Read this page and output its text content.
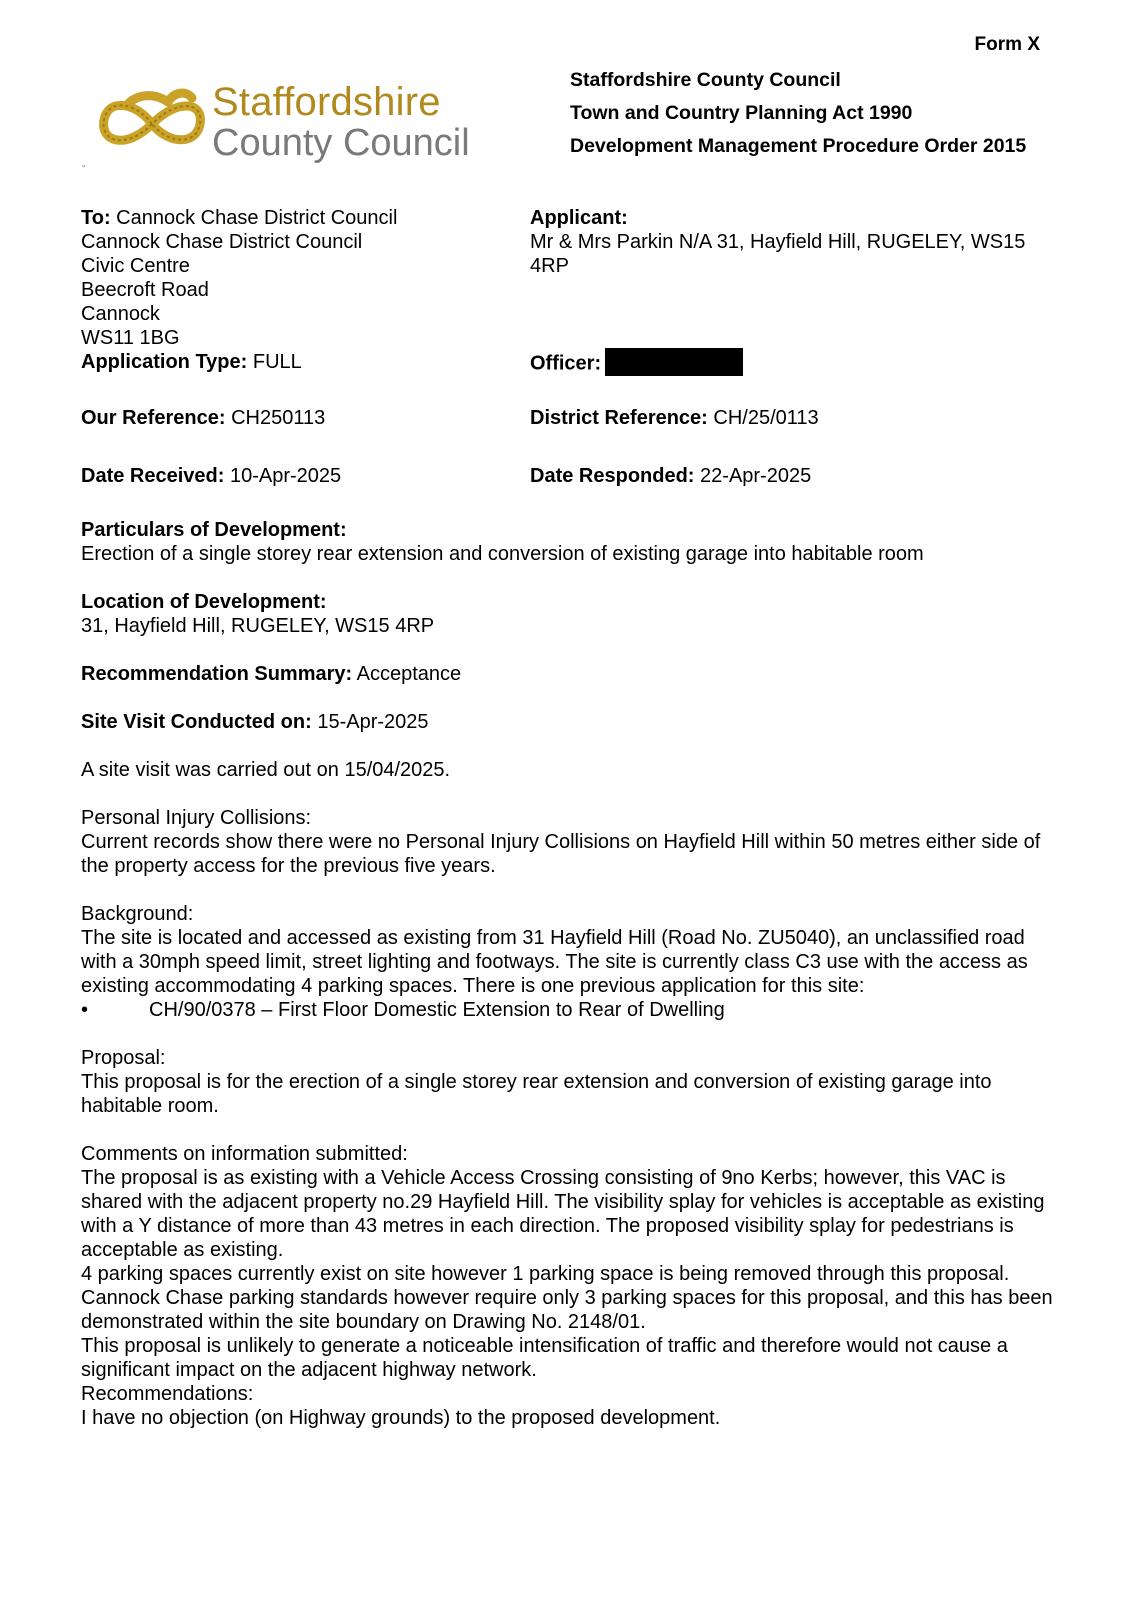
Form X
Staffordshire
County Council
"
Staffordshire County Council
Town and Country Planning Act 1990
Development Management Procedure Order 2015
To: Cannock Chase District Council
Cannock Chase District Council
Civic Centre
Beecroft Road
Cannock
WS11 1BG
Application Type: FULL
Applicant:
Mr & Mrs Parkin N/A 31, Hayfield Hill, RUGELEY, WS15
4RP
Officer:
Our Reference: CH250113	District Reference: CH/25/0113
Date Received: 10-Apr-2025	Date Responded: 22-Apr-2025

Particulars of Development:

Erection of a single storey rear extension and conversion of existing garage into habitable room

Location of Development:

31, Hayfield Hill, RUGELEY, WS15 4RP

Recommendation Summary: Acceptance
Site Visit Conducted on: 15-Apr-2025
A site visit was carried out on 15/04/2025.

Personal Injury Collisions:

Current records show there were no Personal Injury Collisions on Hayfield Hill within 50 metres either side of the property access for the previous five years.

Background:

The site is located and accessed as existing from 31 Hayfield Hill (Road No. ZU5040), an unclassified road with a 30mph speed limit, street lighting and footways. The site is currently class C3 use with the access as existing accommodating 4 parking spaces. There is one previous application for this site:

•	CH/90/0378 – First Floor Domestic Extension to Rear of Dwelling

Proposal:

This proposal is for the erection of a single storey rear extension and conversion of existing garage into habitable room.

Comments on information submitted:

The proposal is as existing with a Vehicle Access Crossing consisting of 9no Kerbs; however, this VAC is shared with the adjacent property no.29 Hayfield Hill. The visibility splay for vehicles is acceptable as existing with a Y distance of more than 43 metres in each direction. The proposed visibility splay for pedestrians is acceptable as existing.

4 parking spaces currently exist on site however 1 parking space is being removed through this proposal. Cannock Chase parking standards however require only 3 parking spaces for this proposal, and this has been demonstrated within the site boundary on Drawing No. 2148/01.

This proposal is unlikely to generate a noticeable intensification of traffic and therefore would not cause a significant impact on the adjacent highway network.

Recommendations:

I have no objection (on Highway grounds) to the proposed development.
